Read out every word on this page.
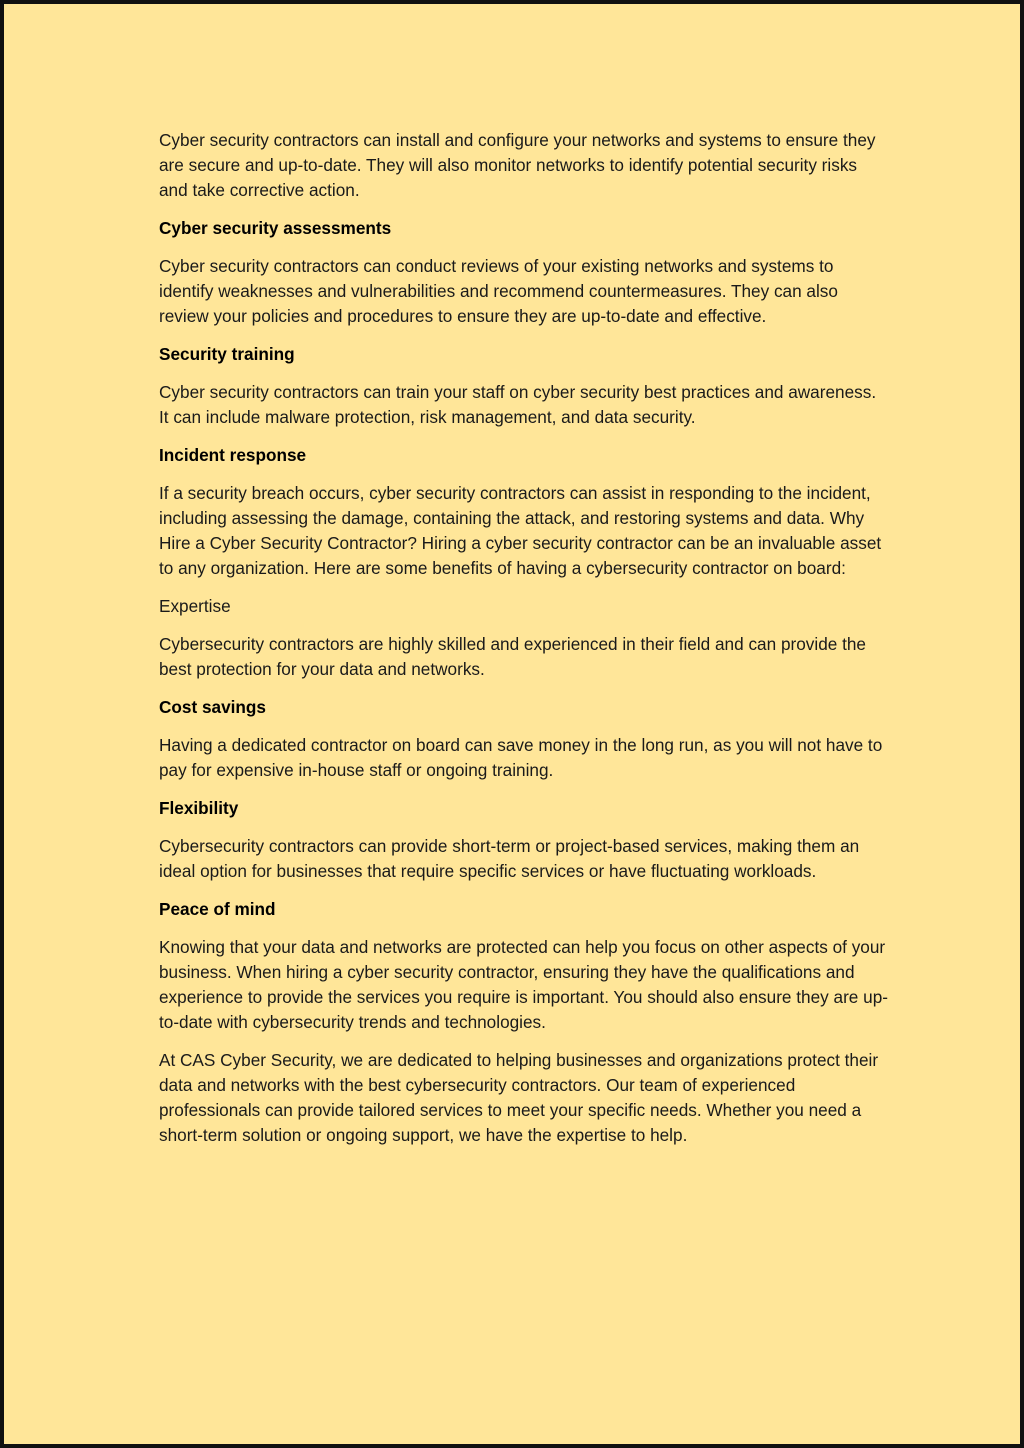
Cyber security contractors can install and configure your networks and systems to ensure they are secure and up-to-date. They will also monitor networks to identify potential security risks and take corrective action.

Cyber security assessments

Cyber security contractors can conduct reviews of your existing networks and systems to identify weaknesses and vulnerabilities and recommend countermeasures. They can also review your policies and procedures to ensure they are up-to-date and effective.

Security training

Cyber security contractors can train your staff on cyber security best practices and awareness. It can include malware protection, risk management, and data security.

Incident response

If a security breach occurs, cyber security contractors can assist in responding to the incident, including assessing the damage, containing the attack, and restoring systems and data. Why Hire a Cyber Security Contractor? Hiring a cyber security contractor can be an invaluable asset to any organization. Here are some benefits of having a cybersecurity contractor on board:

Expertise

Cybersecurity contractors are highly skilled and experienced in their field and can provide the best protection for your data and networks.

Cost savings

Having a dedicated contractor on board can save money in the long run, as you will not have to pay for expensive in-house staff or ongoing training.

Flexibility

Cybersecurity contractors can provide short-term or project-based services, making them an ideal option for businesses that require specific services or have fluctuating workloads.

Peace of mind

Knowing that your data and networks are protected can help you focus on other aspects of your business. When hiring a cyber security contractor, ensuring they have the qualifications and experience to provide the services you require is important. You should also ensure they are up-to-date with cybersecurity trends and technologies.

At CAS Cyber Security, we are dedicated to helping businesses and organizations protect their data and networks with the best cybersecurity contractors. Our team of experienced professionals can provide tailored services to meet your specific needs. Whether you need a short-term solution or ongoing support, we have the expertise to help.
